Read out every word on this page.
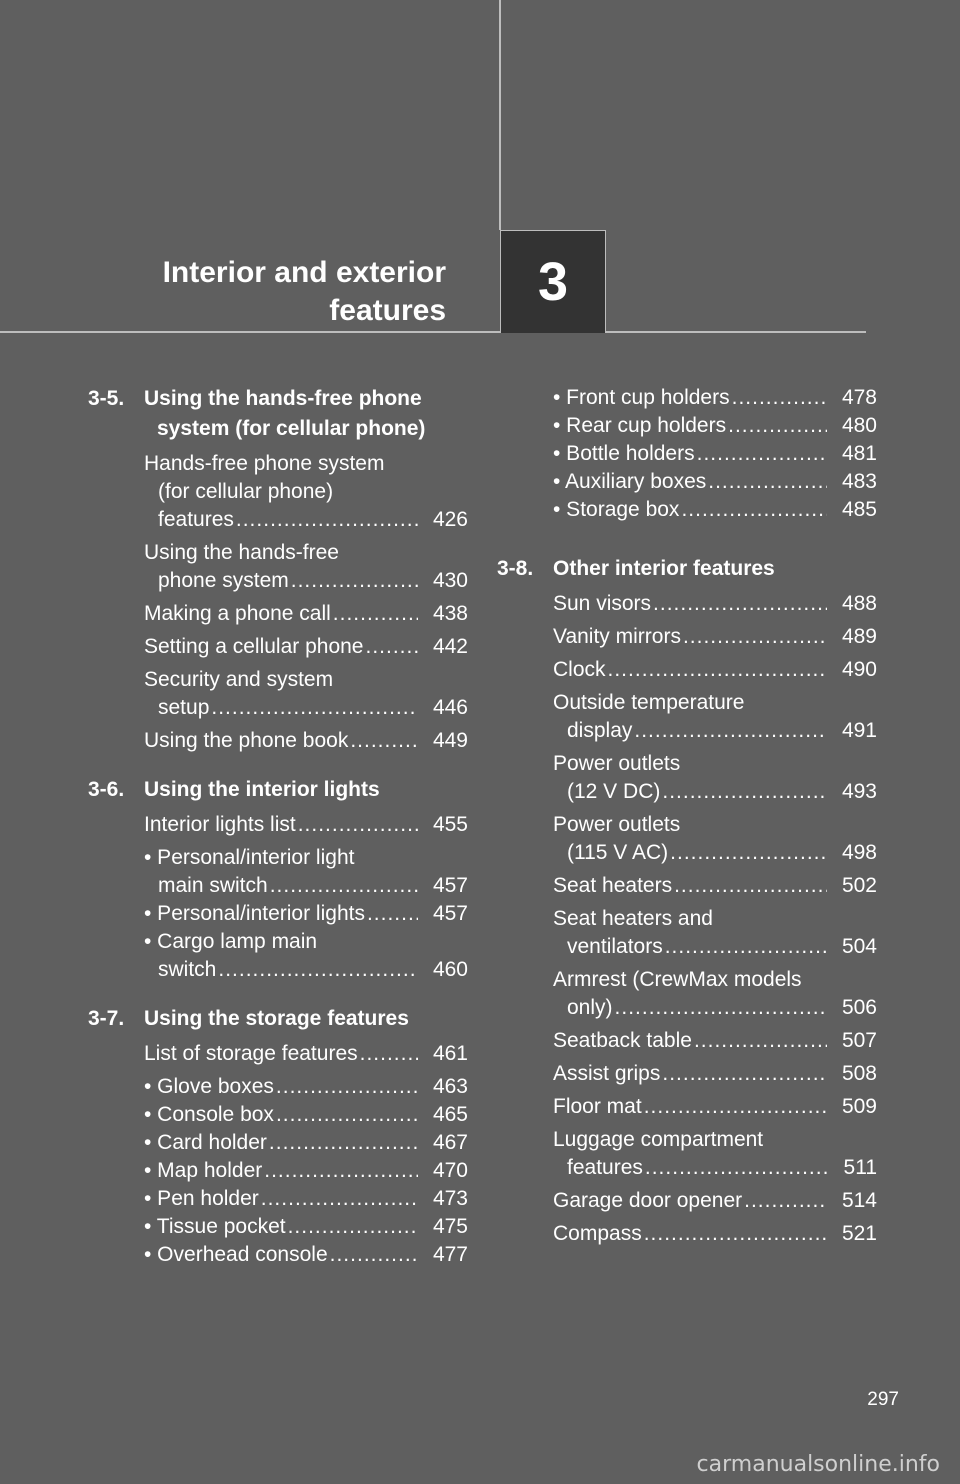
Interior and exterior
features 3
3-5. Using the hands-free phone
system (for cellular phone)
Hands-free phone system
(for cellular phone)
features .....	426
Using the hands-free
phone system .....	430
Making a phone call .....	438
Setting a cellular phone .....	442
Security and system
setup .....	446
Using the phone book .....	449
3-6. Using the interior lights
Interior lights list .....	455
• Personal/interior light
main switch .....	457
• Personal/interior lights .....	457
• Cargo lamp main
switch .....	460
3-7. Using the storage features
List of storage features .....	461
• Glove boxes .....	463
• Console box .....	465
• Card holder .....	467
• Map holder .....	470
• Pen holder .....	473
• Tissue pocket .....	475
• Overhead console .....	477
• Front cup holders .....	478
• Rear cup holders .....	480
• Bottle holders .....	481
• Auxiliary boxes .....	483
• Storage box .....	485
3-8. Other interior features
Sun visors .....	488
Vanity mirrors .....	489
Clock .....	490
Outside temperature
display .....	491
Power outlets
(12 V DC) .....	493
Power outlets
(115 V AC) .....	498
Seat heaters .....	502
Seat heaters and
ventilators .....	504
Armrest (CrewMax models
only) .....	506
Seatback table .....	507
Assist grips .....	508
Floor mat .....	509
Luggage compartment
features .....	511
Garage door opener .....	514
Compass .....	521
297
carmanualsonline.info
